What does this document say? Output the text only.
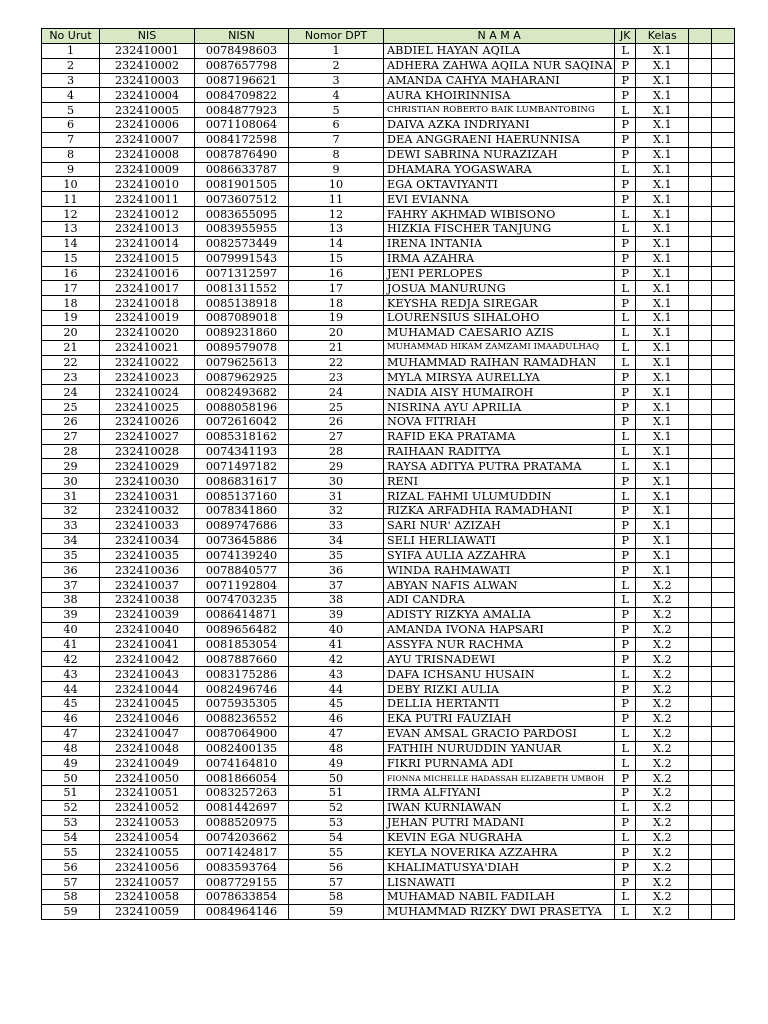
No Urut	NIS	NISN	Nomor DPT	N A M A	JK	Kelas		
1	232410001	0078498603	1	ABDIEL HAYAN AQILA	L	X.1		
2	232410002	0087657798	2	ADHERA ZAHWA AQILA NUR SAQINA	P	X.1		
3	232410003	0087196621	3	AMANDA CAHYA MAHARANI	P	X.1		
4	232410004	0084709822	4	AURA KHOIRINNISA	P	X.1		
5	232410005	0084877923	5	CHRISTIAN ROBERTO BAIK LUMBANTOBING	L	X.1		
6	232410006	0071108064	6	DAIVA AZKA INDRIYANI	P	X.1		
7	232410007	0084172598	7	DEA ANGGRAENI HAERUNNISA	P	X.1		
8	232410008	0087876490	8	DEWI SABRINA NURAZIZAH	P	X.1		
9	232410009	0086633787	9	DHAMARA YOGASWARA	L	X.1		
10	232410010	0081901505	10	EGA OKTAVIYANTI	P	X.1		
11	232410011	0073607512	11	EVI EVIANNA	P	X.1		
12	232410012	0083655095	12	FAHRY AKHMAD WIBISONO	L	X.1		
13	232410013	0083955955	13	HIZKIA FISCHER TANJUNG	L	X.1		
14	232410014	0082573449	14	IRENA INTANIA	P	X.1		
15	232410015	0079991543	15	IRMA AZAHRA	P	X.1		
16	232410016	0071312597	16	JENI PERLOPES	P	X.1		
17	232410017	0081311552	17	JOSUA MANURUNG	L	X.1		
18	232410018	0085138918	18	KEYSHA REDJA SIREGAR	P	X.1		
19	232410019	0087089018	19	LOURENSIUS SIHALOHO	L	X.1		
20	232410020	0089231860	20	MUHAMAD CAESARIO AZIS	L	X.1		
21	232410021	0089579078	21	MUHAMMAD HIKAM ZAMZAMI IMAADULHAQ	L	X.1		
22	232410022	0079625613	22	MUHAMMAD RAIHAN RAMADHAN	L	X.1		
23	232410023	0087962925	23	MYLA MIRSYA AURELLYA	P	X.1		
24	232410024	0082493682	24	NADIA AISY HUMAIROH	P	X.1		
25	232410025	0088058196	25	NISRINA AYU APRILIA	P	X.1		
26	232410026	0072616042	26	NOVA FITRIAH	P	X.1		
27	232410027	0085318162	27	RAFID EKA PRATAMA	L	X.1		
28	232410028	0074341193	28	RAIHAAN RADITYA	L	X.1		
29	232410029	0071497182	29	RAYSA ADITYA PUTRA PRATAMA	L	X.1		
30	232410030	0086831617	30	RENI	P	X.1		
31	232410031	0085137160	31	RIZAL FAHMI ULUMUDDIN	L	X.1		
32	232410032	0078341860	32	RIZKA ARFADHIA RAMADHANI	P	X.1		
33	232410033	0089747686	33	SARI NUR' AZIZAH	P	X.1		
34	232410034	0073645886	34	SELI HERLIAWATI	P	X.1		
35	232410035	0074139240	35	SYIFA AULIA AZZAHRA	P	X.1		
36	232410036	0078840577	36	WINDA RAHMAWATI	P	X.1		
37	232410037	0071192804	37	ABYAN NAFIS ALWAN	L	X.2		
38	232410038	0074703235	38	ADI CANDRA	L	X.2		
39	232410039	0086414871	39	ADISTY RIZKYA AMALIA	P	X.2		
40	232410040	0089656482	40	AMANDA IVONA HAPSARI	P	X.2		
41	232410041	0081853054	41	ASSYFA NUR RACHMA	P	X.2		
42	232410042	0087887660	42	AYU TRISNADEWI	P	X.2		
43	232410043	0083175286	43	DAFA ICHSANU HUSAIN	L	X.2		
44	232410044	0082496746	44	DEBY RIZKI AULIA	P	X.2		
45	232410045	0075935305	45	DELLIA HERTANTI	P	X.2		
46	232410046	0088236552	46	EKA PUTRI FAUZIAH	P	X.2		
47	232410047	0087064900	47	EVAN AMSAL GRACIO PARDOSI	L	X.2		
48	232410048	0082400135	48	FATHIH NURUDDIN YANUAR	L	X.2		
49	232410049	0074164810	49	FIKRI PURNAMA ADI	L	X.2		
50	232410050	0081866054	50	FIONNA MICHELLE HADASSAH ELIZABETH UMBOH	P	X.2		
51	232410051	0083257263	51	IRMA ALFIYANI	P	X.2		
52	232410052	0081442697	52	IWAN KURNIAWAN	L	X.2		
53	232410053	0088520975	53	JEHAN PUTRI MADANI	P	X.2		
54	232410054	0074203662	54	KEVIN EGA NUGRAHA	L	X.2		
55	232410055	0071424817	55	KEYLA NOVERIKA AZZAHRA	P	X.2		
56	232410056	0083593764	56	KHALIMATUSYA'DIAH	P	X.2		
57	232410057	0087729155	57	LISNAWATI	P	X.2		
58	232410058	0078633854	58	MUHAMAD NABIL FADILAH	L	X.2		
59	232410059	0084964146	59	MUHAMMAD RIZKY DWI PRASETYA	L	X.2		
